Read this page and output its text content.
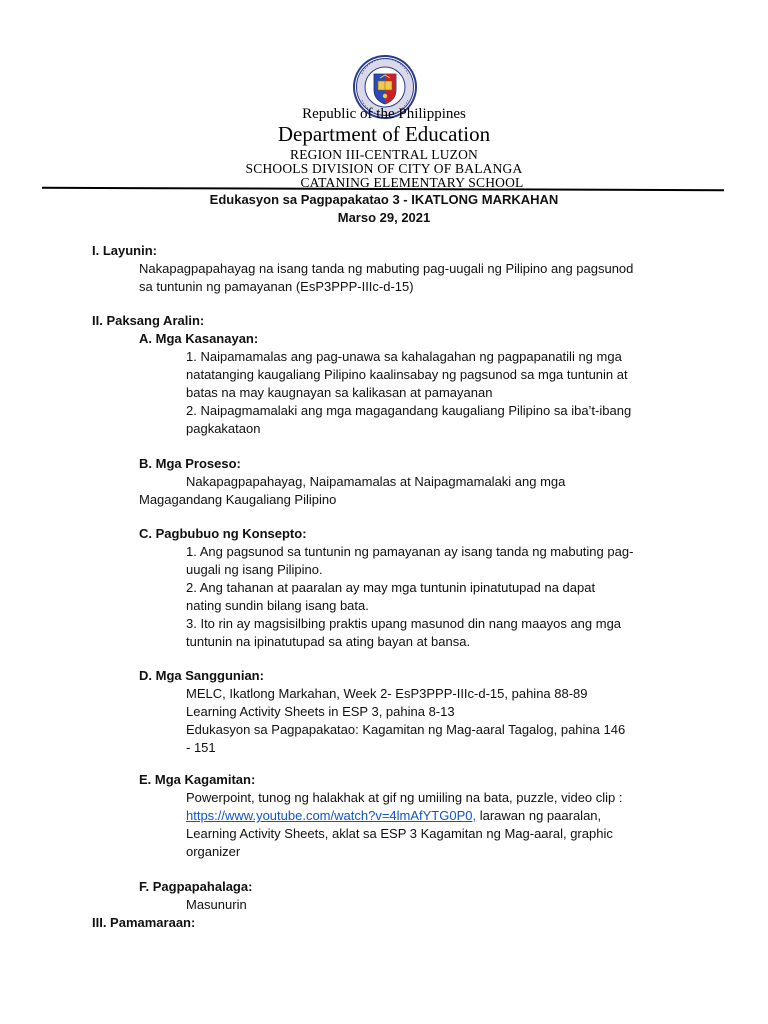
Republic of the Philippines
Department of Education
REGION III-CENTRAL LUZON
SCHOOLS DIVISION OF CITY OF BALANGA
CATANING ELEMENTARY SCHOOL
Edukasyon sa Pagpapakatao 3 - IKATLONG MARKAHAN
Marso 29, 2021
I. Layunin:
Nakapagpapahayag na isang tanda ng mabuting pag-uugali ng Pilipino ang pagsunod
sa tuntunin ng pamayanan (EsP3PPP-IIIc-d-15)
II. Paksang Aralin:
A. Mga Kasanayan:
1. Naipamamalas ang pag-unawa sa kahalagahan ng pagpapanatili ng mga
natatanging kaugaliang Pilipino kaalinsabay ng pagsunod sa mga tuntunin at
batas na may kaugnayan sa kalikasan at pamayanan
2. Naipagmamalaki ang mga magagandang kaugaliang Pilipino sa iba’t-ibang
pagkakataon
B. Mga Proseso:
Nakapagpapahayag, Naipamamalas at Naipagmamalaki ang mga
Magagandang Kaugaliang Pilipino
C. Pagbubuo ng Konsepto:
1. Ang pagsunod sa tuntunin ng pamayanan ay isang tanda ng mabuting pag-
uugali ng isang Pilipino.
2. Ang tahanan at paaralan ay may mga tuntunin ipinatutupad na dapat
nating sundin bilang isang bata.
3. Ito rin ay magsisilbing praktis upang masunod din nang maayos ang mga
tuntunin na ipinatutupad sa ating bayan at bansa.
D. Mga Sanggunian:
MELC, Ikatlong Markahan, Week 2- EsP3PPP-IIIc-d-15, pahina 88-89
Learning Activity Sheets in ESP 3, pahina 8-13
Edukasyon sa Pagpapakatao: Kagamitan ng Mag-aaral Tagalog, pahina 146
- 151
E. Mga Kagamitan:
Powerpoint, tunog ng halakhak at gif ng umiiling na bata, puzzle, video clip :
https://www.youtube.com/watch?v=4lmAfYTG0P0, larawan ng paaralan,
Learning Activity Sheets, aklat sa ESP 3 Kagamitan ng Mag-aaral, graphic
organizer
F. Pagpapahalaga:
Masunurin
III. Pamamaraan:
